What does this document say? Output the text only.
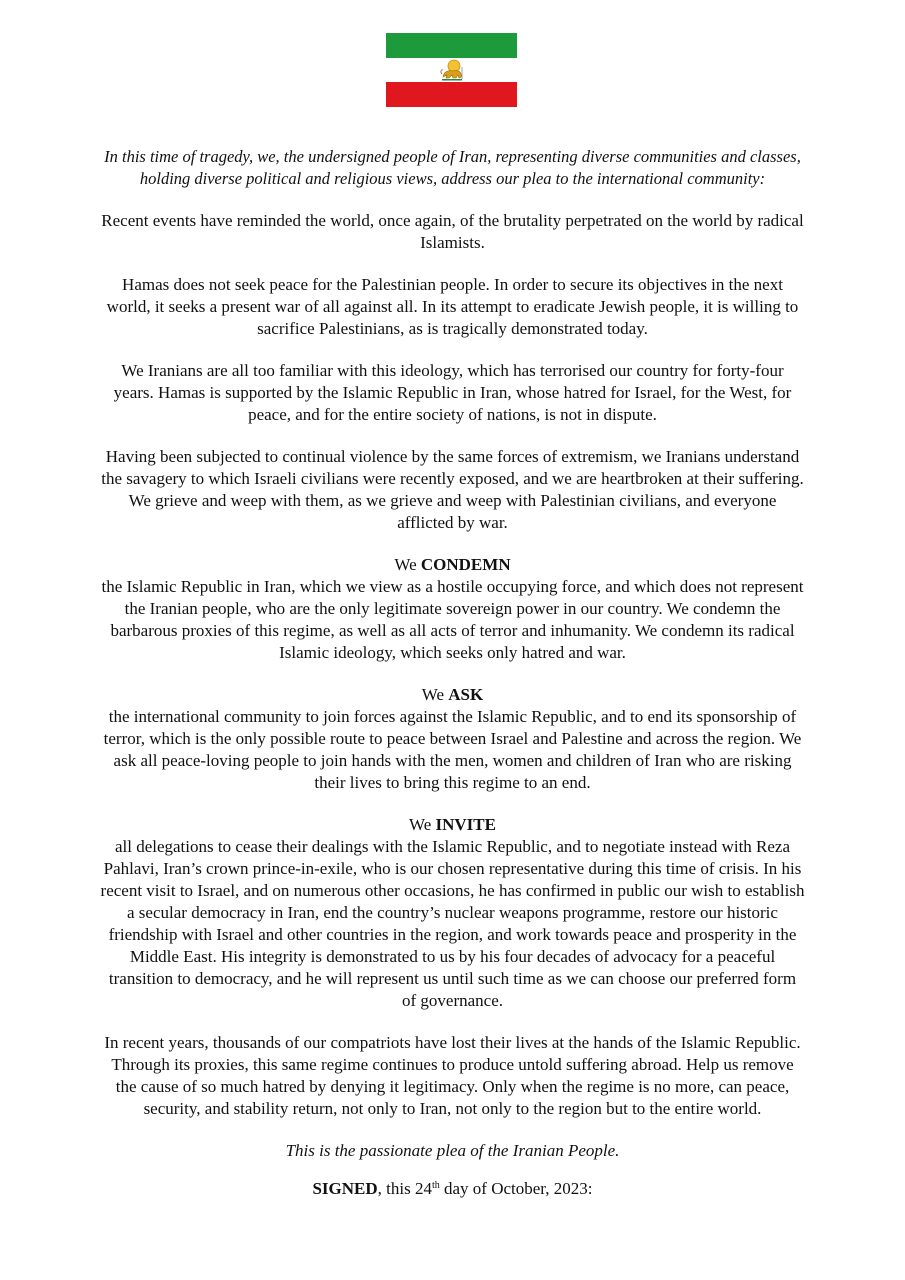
In this time of tragedy, we, the undersigned people of Iran, representing diverse communities and classes, holding diverse political and religious views, address our plea to the international community:

Recent events have reminded the world, once again, of the brutality perpetrated on the world by radical Islamists.

Hamas does not seek peace for the Palestinian people. In order to secure its objectives in the next world, it seeks a present war of all against all. In its attempt to eradicate Jewish people, it is willing to sacrifice Palestinians, as is tragically demonstrated today.

We Iranians are all too familiar with this ideology, which has terrorised our country for forty-four years. Hamas is supported by the Islamic Republic in Iran, whose hatred for Israel, for the West, for peace, and for the entire society of nations, is not in dispute.

Having been subjected to continual violence by the same forces of extremism, we Iranians understand the savagery to which Israeli civilians were recently exposed, and we are heartbroken at their suffering. We grieve and weep with them, as we grieve and weep with Palestinian civilians, and everyone afflicted by war.

We CONDEMN

the Islamic Republic in Iran, which we view as a hostile occupying force, and which does not represent the Iranian people, who are the only legitimate sovereign power in our country. We condemn the barbarous proxies of this regime, as well as all acts of terror and inhumanity. We condemn its radical Islamic ideology, which seeks only hatred and war.

We ASK

the international community to join forces against the Islamic Republic, and to end its sponsorship of terror, which is the only possible route to peace between Israel and Palestine and across the region. We ask all peace-loving people to join hands with the men, women and children of Iran who are risking their lives to bring this regime to an end.

We INVITE

all delegations to cease their dealings with the Islamic Republic, and to negotiate instead with Reza Pahlavi, Iran’s crown prince-in-exile, who is our chosen representative during this time of crisis. In his recent visit to Israel, and on numerous other occasions, he has confirmed in public our wish to establish a secular democracy in Iran, end the country’s nuclear weapons programme, restore our historic friendship with Israel and other countries in the region, and work towards peace and prosperity in the Middle East. His integrity is demonstrated to us by his four decades of advocacy for a peaceful transition to democracy, and he will represent us until such time as we can choose our preferred form of governance.

In recent years, thousands of our compatriots have lost their lives at the hands of the Islamic Republic. Through its proxies, this same regime continues to produce untold suffering abroad. Help us remove the cause of so much hatred by denying it legitimacy. Only when the regime is no more, can peace, security, and stability return, not only to Iran, not only to the region but to the entire world.

This is the passionate plea of the Iranian People.

SIGNED, this 24th day of October, 2023:
